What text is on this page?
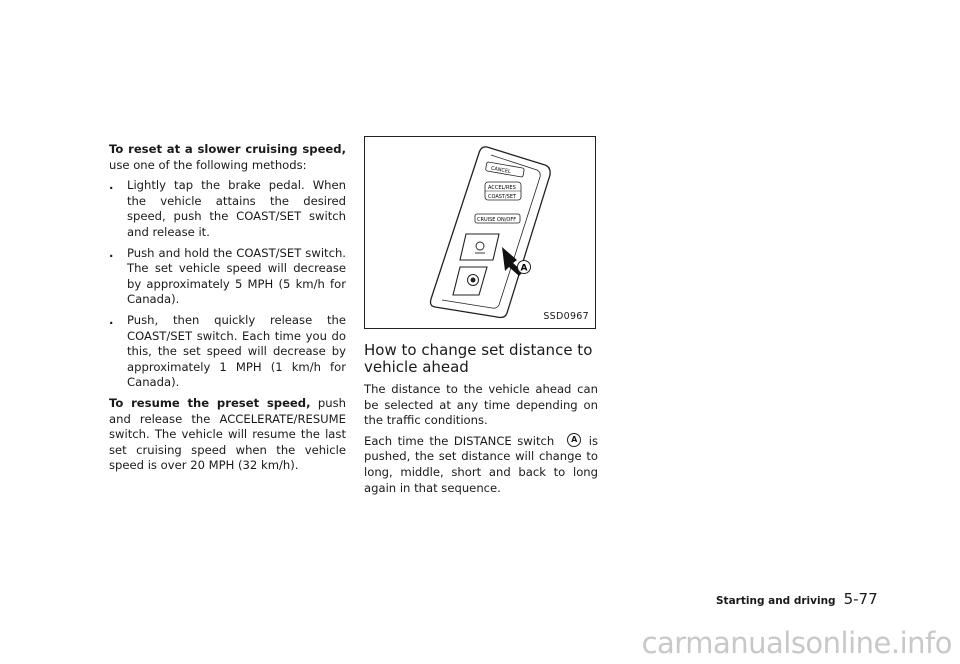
To reset at a slower cruising speed, use one of the following methods:

. Lightly tap the brake pedal. When the vehicle attains the desired speed, push the COAST/SET switch and release it.
. Push and hold the COAST/SET switch. The set vehicle speed will decrease by approximately 5 MPH (5 km/h for Canada).
. Push, then quickly release the COAST/SET switch. Each time you do this, the set speed will decrease by approximately 1 MPH (1 km/h for Canada).

To resume the preset speed, push and release the ACCELERATE/RESUME switch. The vehicle will resume the last set cruising speed when the vehicle speed is over 20 MPH (32 km/h).

CANCEL
ACCEL/RES
COAST/SET
CRUISE ON/OFF
A
SSD0967
How to change set distance to vehicle ahead

The distance to the vehicle ahead can be selected at any time depending on the traffic conditions.

Each time the DISTANCE switch A is pushed, the set distance will change to long, middle, short and back to long again in that sequence.

Starting and driving 5-77
carmanualsonline.info
